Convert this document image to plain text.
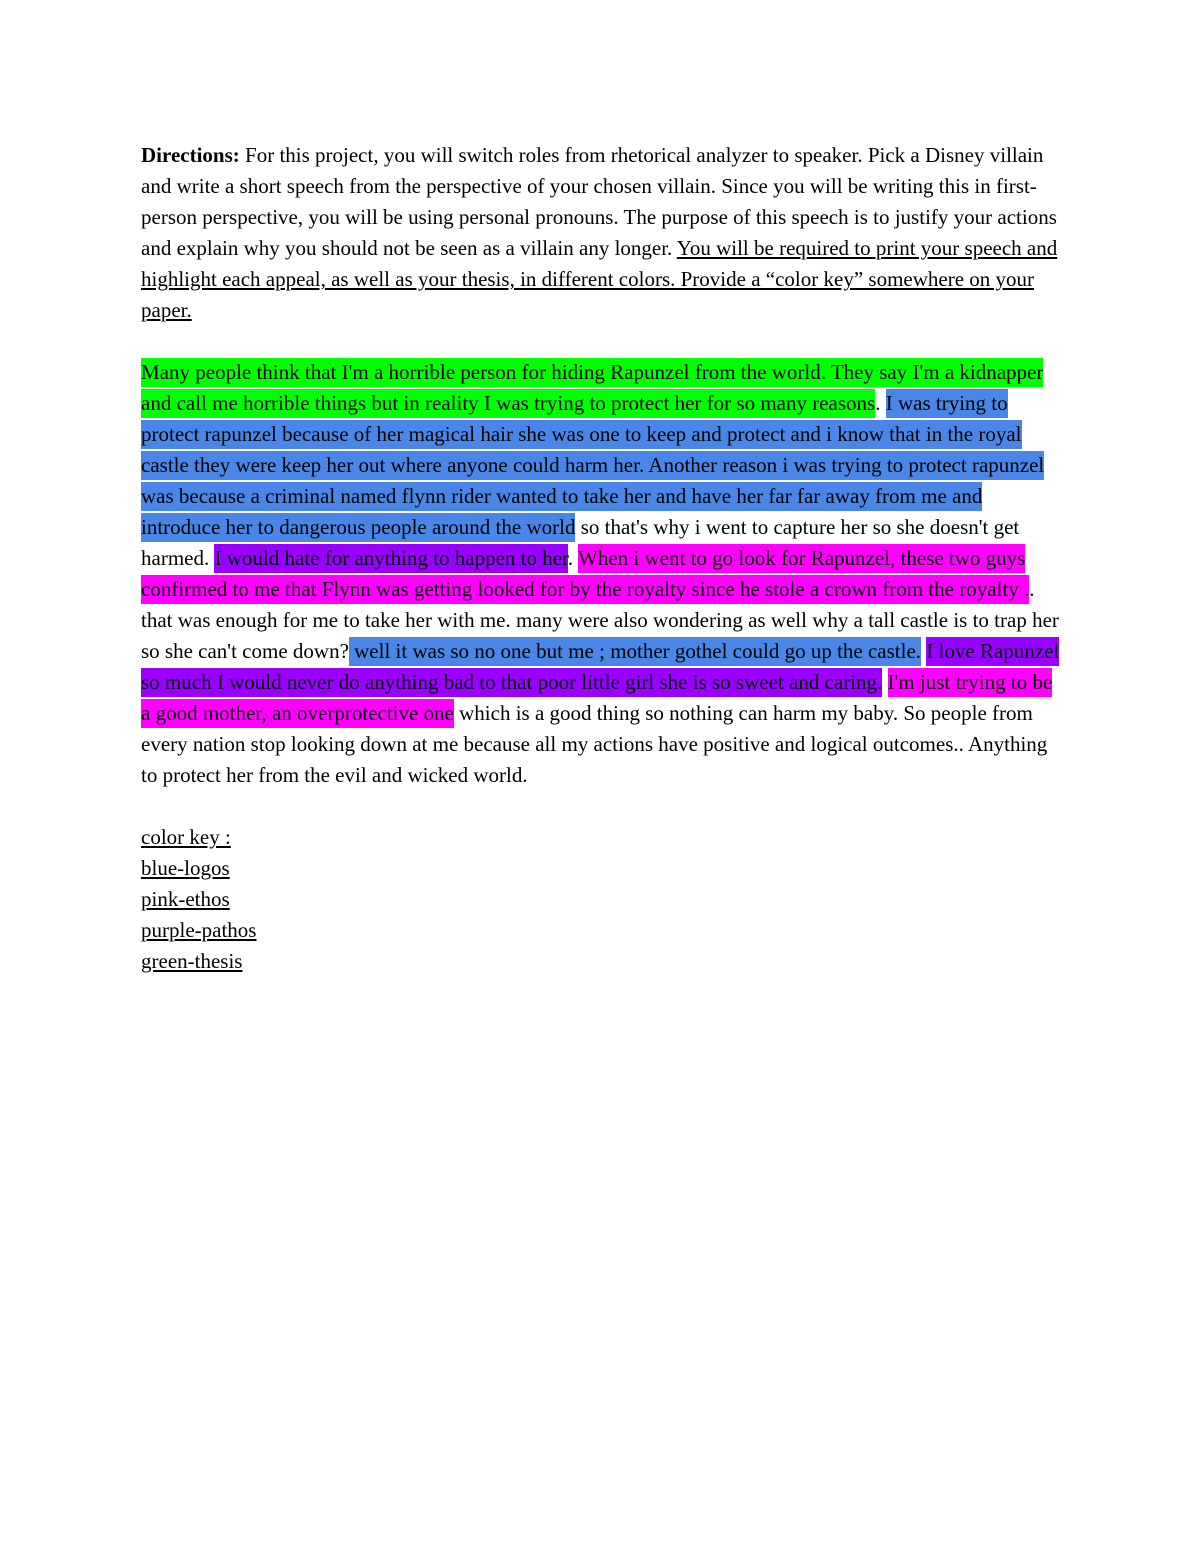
Directions: For this project, you will switch roles from rhetorical analyzer to speaker. Pick a Disney villain and write a short speech from the perspective of your chosen villain. Since you will be writing this in first-person perspective, you will be using personal pronouns. The purpose of this speech is to justify your actions and explain why you should not be seen as a villain any longer. You will be required to print your speech and highlight each appeal, as well as your thesis, in different colors. Provide a “color key” somewhere on your paper.

Many people think that I'm a horrible person for hiding Rapunzel from the world. They say I'm a kidnapper and call me horrible things but in reality I was trying to protect her for so many reasons. I was trying to protect rapunzel because of her magical hair she was one to keep and protect and i know that in the royal castle they were keep her out where anyone could harm her. Another reason i was trying to protect rapunzel was because a criminal named flynn rider wanted to take her and have her far far away from me and introduce her to dangerous people around the world so that's why i went to capture her so she doesn't get harmed. I would hate for anything to happen to her. When i went to go look for Rapunzel, these two guys confirmed to me that Flynn was getting looked for by the royalty since he stole a crown from the royalty .. that was enough for me to take her with me. many were also wondering as well why a tall castle is to trap her so she can't come down? well it was so no one but me ; mother gothel could go up the castle. I love Rapunzel so much I would never do anything bad to that poor little girl she is so sweet and caring. I'm just trying to be a good mother, an overprotective one which is a good thing so nothing can harm my baby. So people from every nation stop looking down at me because all my actions have positive and logical outcomes.. Anything to protect her from the evil and wicked world.

color key :
blue-logos
pink-ethos
purple-pathos
green-thesis
